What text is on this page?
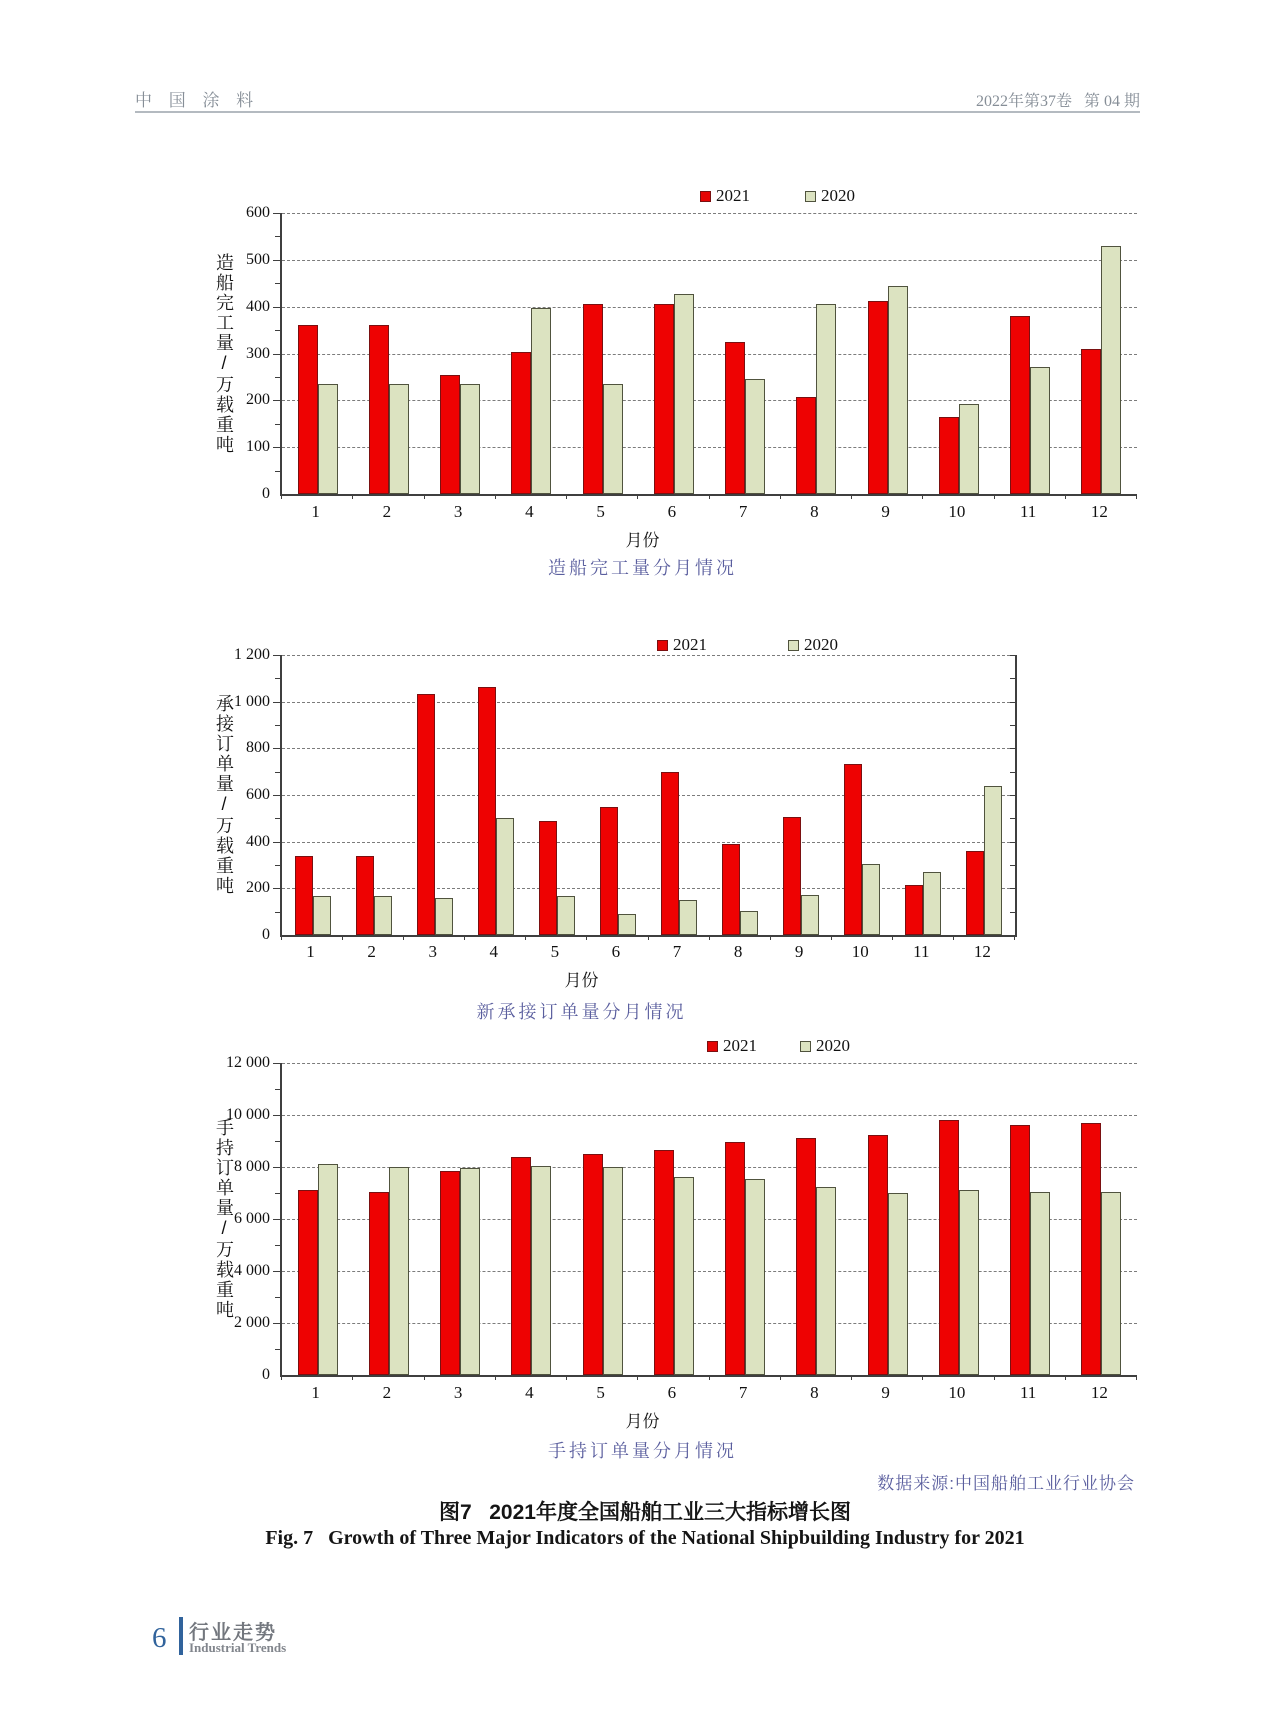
中 国 涂 料	2022年第37卷   第 04 期
2021	2020
造船完工量/万载重吨
600
500
400
300
200
100
0
1	2	3	4	5	6	7	8	9	10	11	12
月份
造船完工量分月情况
2021	2020
承接订单量/万载重吨
1 200
1 000
800
600
400
200
0
1	2	3	4	5	6	7	8	9	10	11	12
月份
新承接订单量分月情况
2021	2020
手持订单量/万载重吨
12 000
10 000
8 000
6 000
4 000
2 000
0
1	2	3	4	5	6	7	8	9	10	11	12
月份
手持订单量分月情况
数据来源:中国船舶工业行业协会
图7   2021年度全国船舶工业三大指标增长图
Fig. 7   Growth of Three Major Indicators of the National Shipbuilding Industry for 2021
6 行业走势
Industrial Trends
